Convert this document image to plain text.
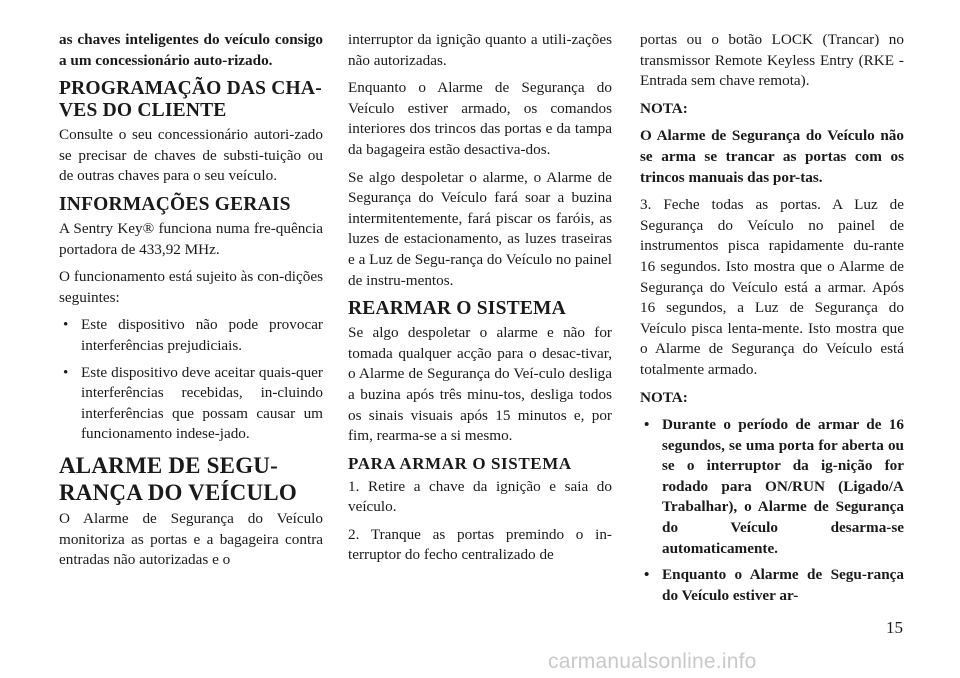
as chaves inteligentes do veículo consigo a um concessionário auto-rizado.

PROGRAMAÇÃO DAS CHA-VES DO CLIENTE

Consulte o seu concessionário autori-zado se precisar de chaves de substi-tuição ou de outras chaves para o seu veículo.

INFORMAÇÕES GERAIS

A Sentry Key® funciona numa fre-quência portadora de 433,92 MHz.

O funcionamento está sujeito às con-dições seguintes:

• Este dispositivo não pode provocar interferências prejudiciais.
• Este dispositivo deve aceitar quais-quer interferências recebidas, in-cluindo interferências que possam causar um funcionamento indese-jado.
ALARME DE SEGU-RANÇA DO VEÍCULO

O Alarme de Segurança do Veículo monitoriza as portas e a bagageira contra entradas não autorizadas e o

interruptor da ignição quanto a utili-zações não autorizadas.

Enquanto o Alarme de Segurança do Veículo estiver armado, os comandos interiores dos trincos das portas e da tampa da bagageira estão desactiva-dos.

Se algo despoletar o alarme, o Alarme de Segurança do Veículo fará soar a buzina intermitentemente, fará piscar os faróis, as luzes de estacionamento, as luzes traseiras e a Luz de Segu-rança do Veículo no painel de instru-mentos.

REARMAR O SISTEMA

Se algo despoletar o alarme e não for tomada qualquer acção para o desac-tivar, o Alarme de Segurança do Veí-culo desliga a buzina após três minu-tos, desliga todos os sinais visuais após 15 minutos e, por fim, rearma-se a si mesmo.

PARA ARMAR O SISTEMA

1. Retire a chave da ignição e saia do veículo.

2. Tranque as portas premindo o in-terruptor do fecho centralizado de

portas ou o botão LOCK (Trancar) no transmissor Remote Keyless Entry (RKE - Entrada sem chave remota).

NOTA:

O Alarme de Segurança do Veículo não se arma se trancar as portas com os trincos manuais das por-tas.

3. Feche todas as portas. A Luz de Segurança do Veículo no painel de instrumentos pisca rapidamente du-rante 16 segundos. Isto mostra que o Alarme de Segurança do Veículo está a armar. Após 16 segundos, a Luz de Segurança do Veículo pisca lenta-mente. Isto mostra que o Alarme de Segurança do Veículo está totalmente armado.

NOTA:

• Durante o período de armar de 16 segundos, se uma porta for aberta ou se o interruptor da ig-nição for rodado para ON/RUN (Ligado/A Trabalhar), o Alarme de Segurança do Veículo desarma-se automaticamente.
• Enquanto o Alarme de Segu-rança do Veículo estiver ar-
15
carmanualsonline.info
